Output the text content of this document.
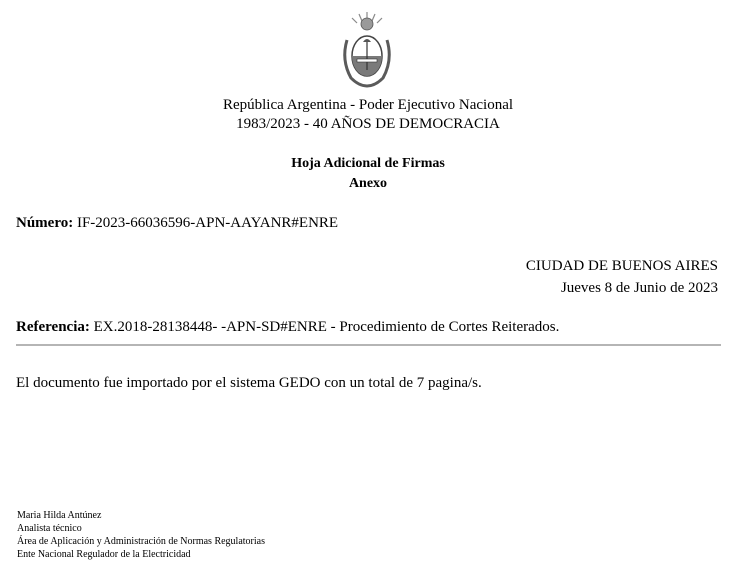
República Argentina - Poder Ejecutivo Nacional
1983/2023 - 40 AÑOS DE DEMOCRACIA
Hoja Adicional de Firmas
Anexo
Número: IF-2023-66036596-APN-AAYANR#ENRE
CIUDAD DE BUENOS AIRES
Jueves 8 de Junio de 2023
Referencia: EX.2018-28138448- -APN-SD#ENRE - Procedimiento de Cortes Reiterados.
El documento fue importado por el sistema GEDO con un total de 7 pagina/s.
Maria Hilda Antúnez
Analista técnico
Área de Aplicación y Administración de Normas Regulatorias
Ente Nacional Regulador de la Electricidad
